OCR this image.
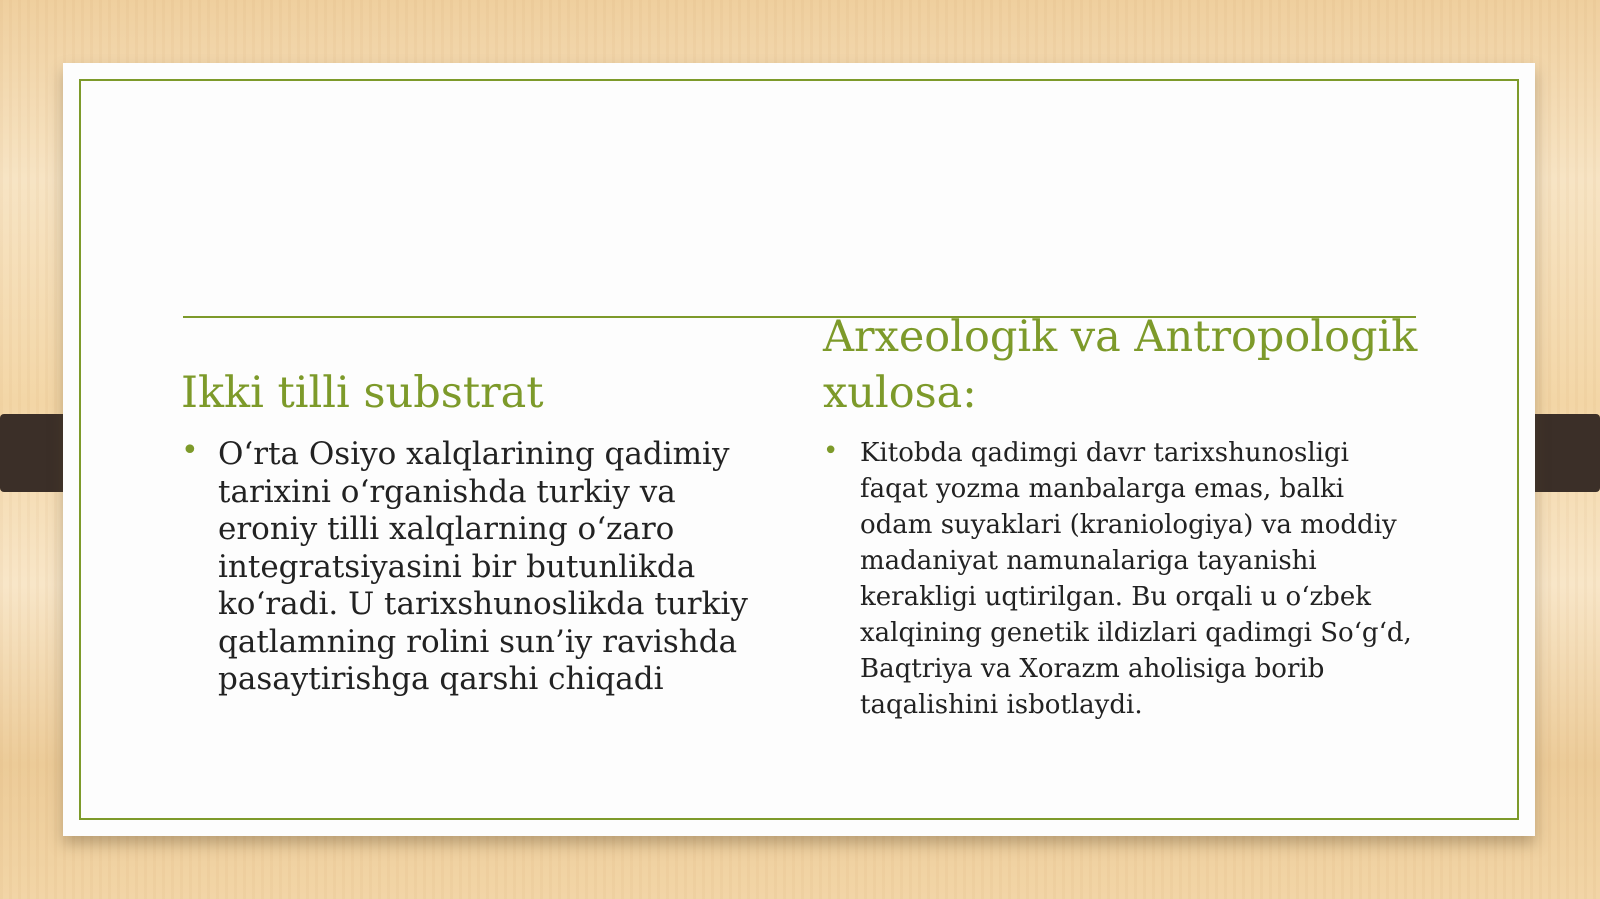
Ikki tilli substrat
• O‘rta Osiyo xalqlarining qadimiy tarixini o‘rganishda turkiy va eroniy tilli xalqlarning o‘zaro integratsiyasini bir butunlikda ko‘radi. U tarixshunoslikda turkiy qatlamning rolini sun’iy ravishda pasaytirishga qarshi chiqadi
Arxeologik va Antropologik xulosa:
• Kitobda qadimgi davr tarixshunosligi faqat yozma manbalarga emas, balki odam suyaklari (kraniologiya) va moddiy madaniyat namunalariga tayanishi kerakligi uqtirilgan. Bu orqali u o‘zbek xalqining genetik ildizlari qadimgi So‘g‘d, Baqtriya va Xorazm aholisiga borib taqalishini isbotlaydi.
